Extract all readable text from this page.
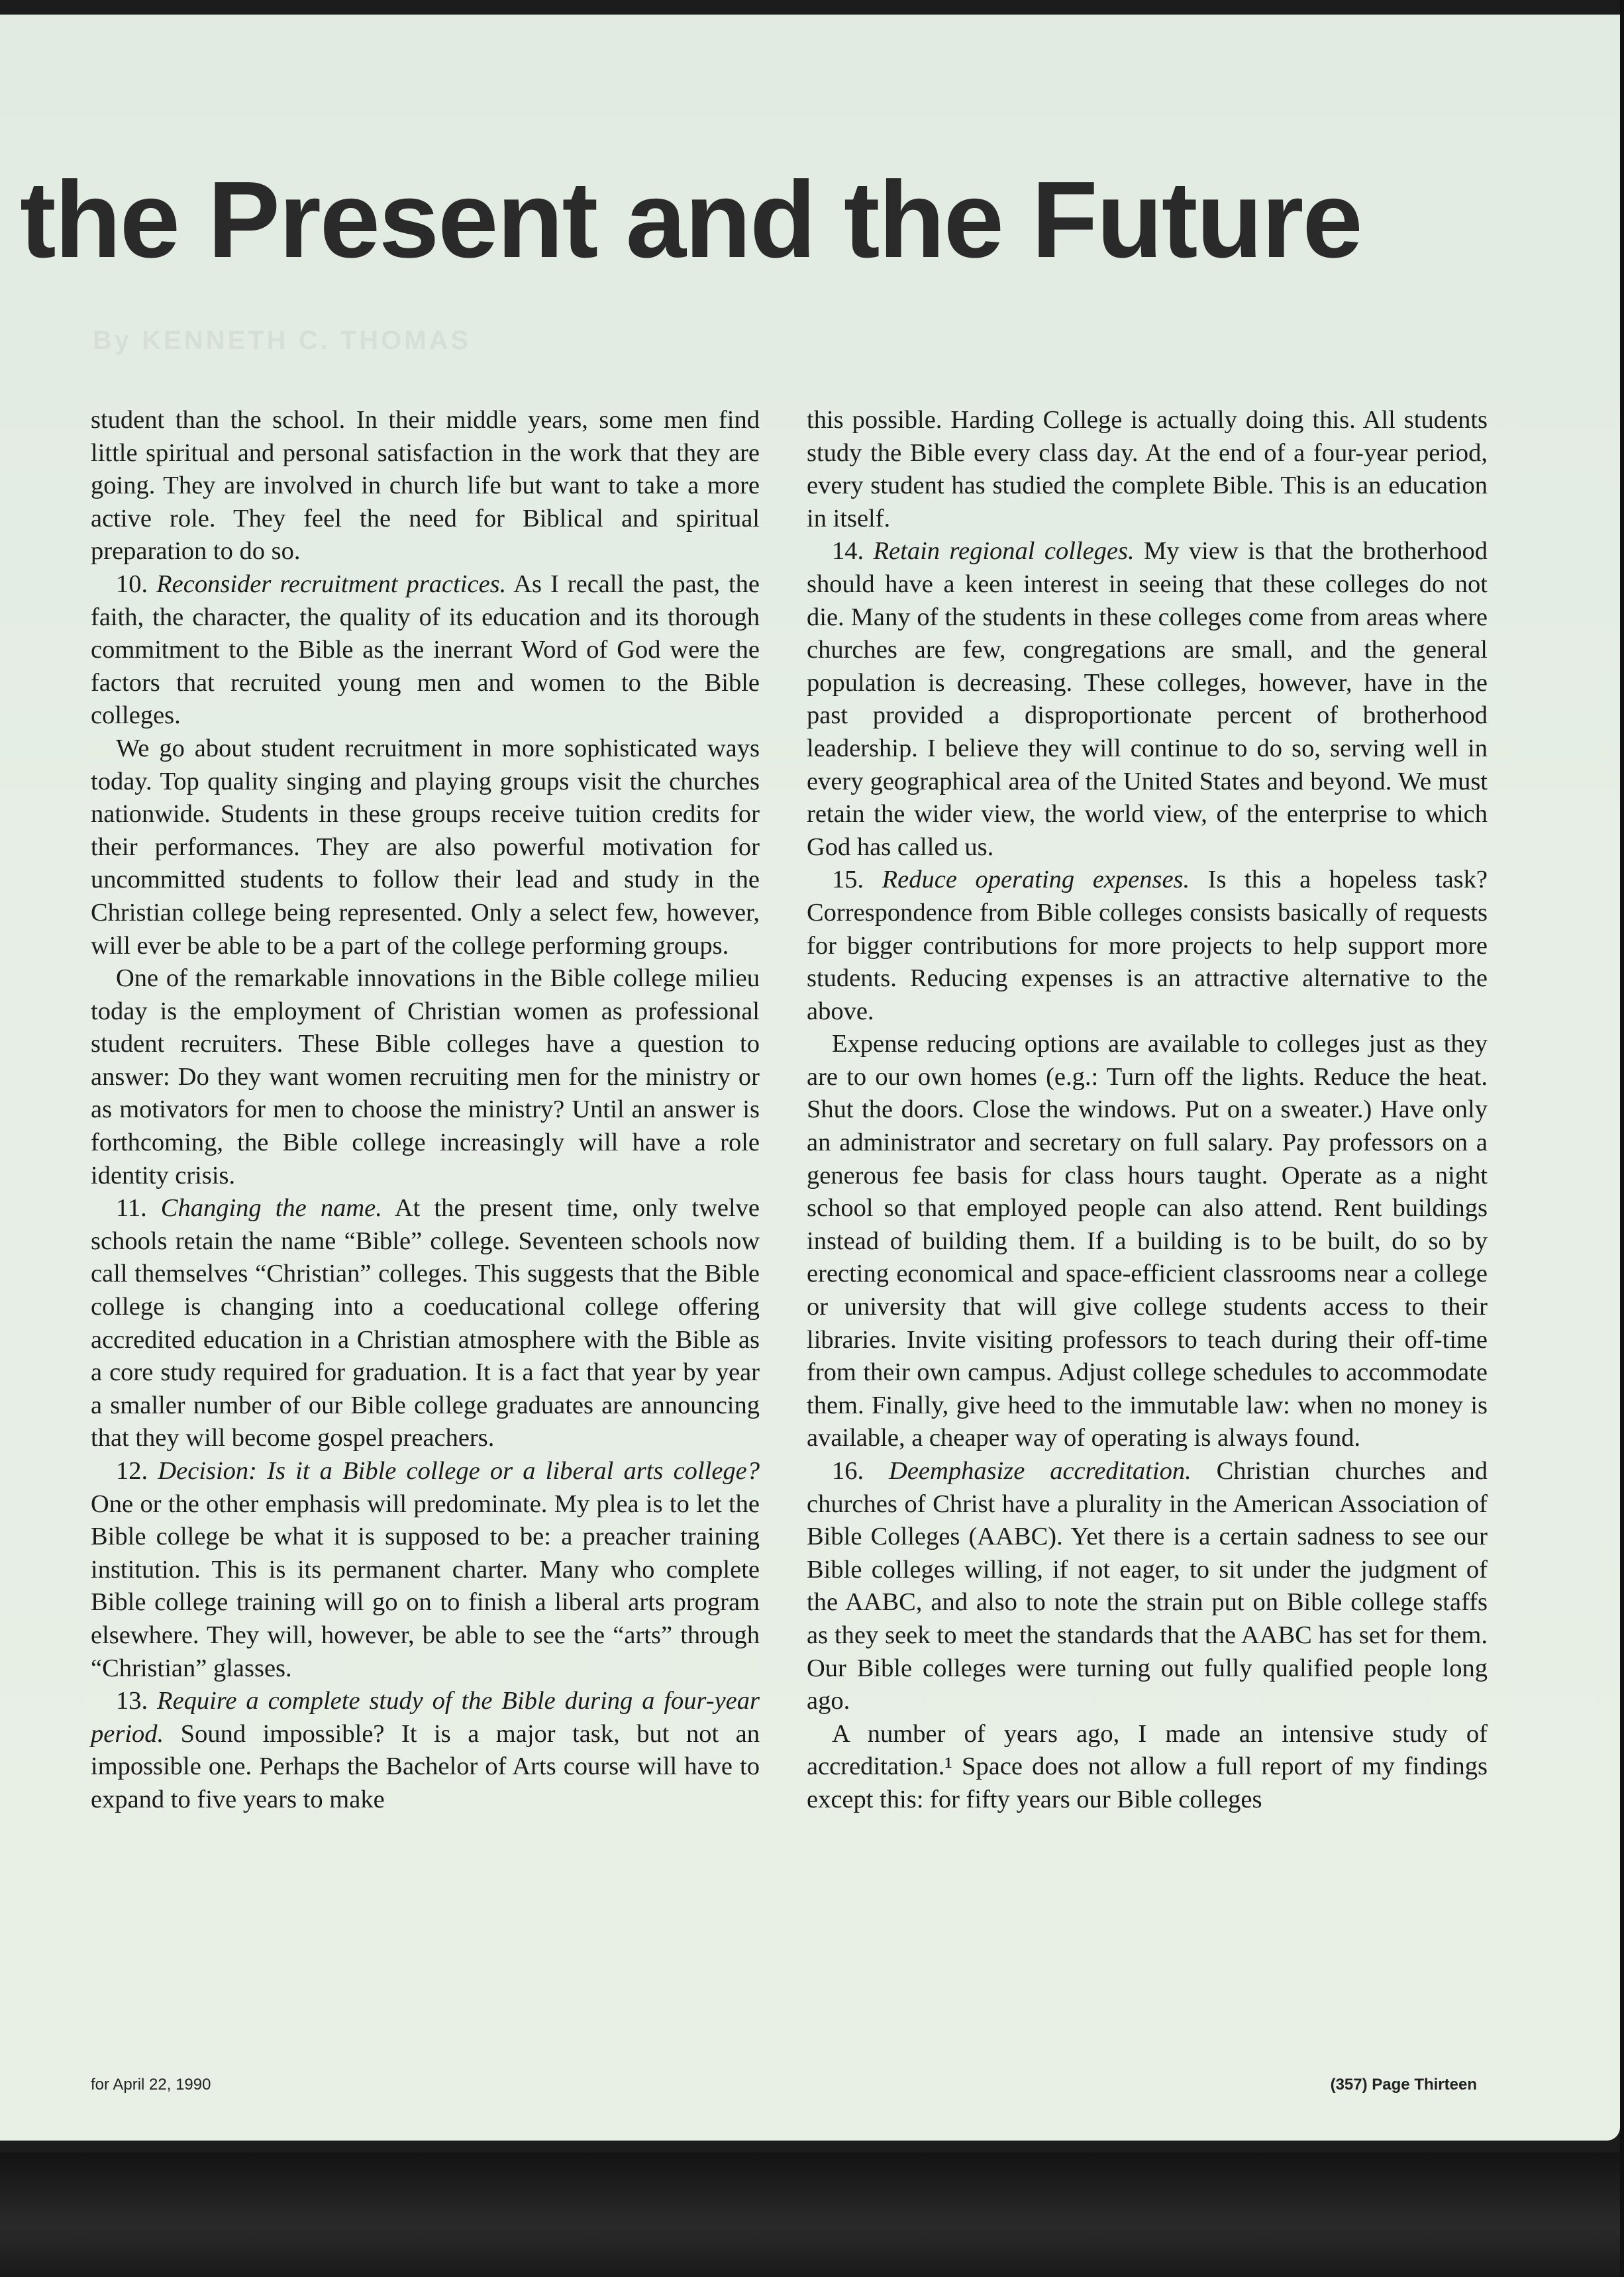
the Present and the Future
By KENNETH C. THOMAS

student than the school. In their middle years, some men find little spiritual and personal satisfaction in the work that they are going. They are involved in church life but want to take a more active role. They feel the need for Biblical and spiritual preparation to do so.

10. Reconsider recruitment practices. As I recall the past, the faith, the character, the quality of its education and its thorough commitment to the Bible as the inerrant Word of God were the factors that recruited young men and women to the Bible colleges.

We go about student recruitment in more sophisticated ways today. Top quality singing and playing groups visit the churches nationwide. Students in these groups receive tuition credits for their performances. They are also powerful motivation for uncommitted students to follow their lead and study in the Christian college being represented. Only a select few, however, will ever be able to be a part of the college performing groups.

One of the remarkable innovations in the Bible college milieu today is the employment of Christian women as professional student recruiters. These Bible colleges have a question to answer: Do they want women recruiting men for the ministry or as motivators for men to choose the ministry? Until an answer is forthcoming, the Bible college increasingly will have a role identity crisis.

11. Changing the name. At the present time, only twelve schools retain the name “Bible” college. Seventeen schools now call themselves “Christian” colleges. This suggests that the Bible college is changing into a coeducational college offering accredited education in a Christian atmosphere with the Bible as a core study required for graduation. It is a fact that year by year a smaller number of our Bible college graduates are announcing that they will become gospel preachers.

12. Decision: Is it a Bible college or a liberal arts college? One or the other emphasis will predominate. My plea is to let the Bible college be what it is supposed to be: a preacher training institution. This is its permanent charter. Many who complete Bible college training will go on to finish a liberal arts program elsewhere. They will, however, be able to see the “arts” through “Christian” glasses.

13. Require a complete study of the Bible during a four-year period. Sound impossible? It is a major task, but not an impossible one. Perhaps the Bachelor of Arts course will have to expand to five years to make

this possible. Harding College is actually doing this. All students study the Bible every class day. At the end of a four-year period, every student has studied the complete Bible. This is an education in itself.

14. Retain regional colleges. My view is that the brotherhood should have a keen interest in seeing that these colleges do not die. Many of the students in these colleges come from areas where churches are few, congregations are small, and the general population is decreasing. These colleges, however, have in the past provided a disproportionate percent of brotherhood leadership. I believe they will continue to do so, serving well in every geographical area of the United States and beyond. We must retain the wider view, the world view, of the enterprise to which God has called us.

15. Reduce operating expenses. Is this a hopeless task? Correspondence from Bible colleges consists basically of requests for bigger contributions for more projects to help support more students. Reducing expenses is an attractive alternative to the above.

Expense reducing options are available to colleges just as they are to our own homes (e.g.: Turn off the lights. Reduce the heat. Shut the doors. Close the windows. Put on a sweater.) Have only an administrator and secretary on full salary. Pay professors on a generous fee basis for class hours taught. Operate as a night school so that employed people can also attend. Rent buildings instead of building them. If a building is to be built, do so by erecting economical and space-efficient classrooms near a college or university that will give college students access to their libraries. Invite visiting professors to teach during their off-time from their own campus. Adjust college schedules to accommodate them. Finally, give heed to the immutable law: when no money is available, a cheaper way of operating is always found.

16. Deemphasize accreditation. Christian churches and churches of Christ have a plurality in the American Association of Bible Colleges (AABC). Yet there is a certain sadness to see our Bible colleges willing, if not eager, to sit under the judgment of the AABC, and also to note the strain put on Bible college staffs as they seek to meet the standards that the AABC has set for them. Our Bible colleges were turning out fully qualified people long ago.

A number of years ago, I made an intensive study of accreditation.¹ Space does not allow a full report of my findings except this: for fifty years our Bible colleges

for April 22, 1990	(357) Page Thirteen
